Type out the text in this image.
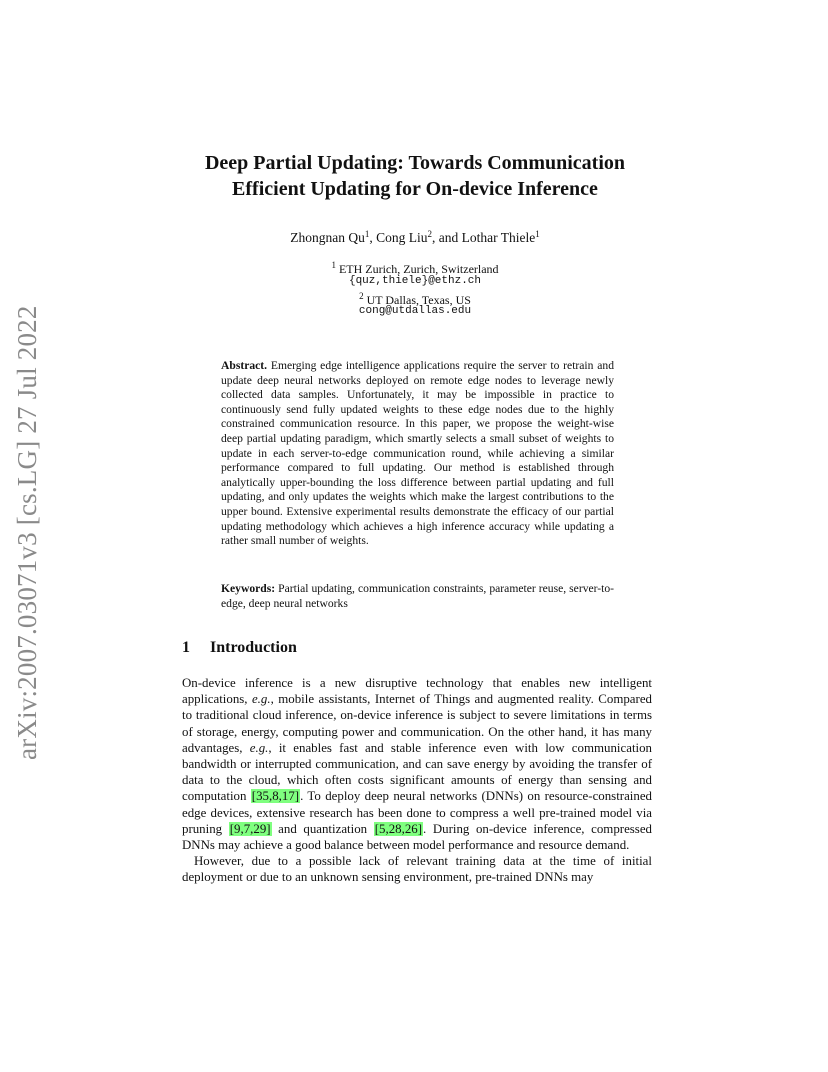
arXiv:2007.03071v3 [cs.LG] 27 Jul 2022
Deep Partial Updating: Towards Communication
Efficient Updating for On-device Inference
Zhongnan Qu$^1$, Cong Liu$^2$, and Lothar Thiele$^1$
$^1$ ETH Zurich, Zurich, Switzerland
{quz,thiele}@ethz.ch
$^2$ UT Dallas, Texas, US
cong@utdallas.edu
Abstract. Emerging edge intelligence applications require the server to retrain and update deep neural networks deployed on remote edge nodes to leverage newly collected data samples. Unfortunately, it may be impossible in practice to continuously send fully updated weights to these edge nodes due to the highly constrained communication resource. In this paper, we propose the weight-wise deep partial updating paradigm, which smartly selects a small subset of weights to update in each server-to-edge communication round, while achieving a similar performance compared to full updating. Our method is established through analytically upper-bounding the loss difference between partial updating and full updating, and only updates the weights which make the largest contributions to the upper bound. Extensive experimental results demonstrate the efficacy of our partial updating methodology which achieves a high inference accuracy while updating a rather small number of weights.
Keywords: Partial updating, communication constraints, parameter reuse, server-to-edge, deep neural networks
1 Introduction

On-device inference is a new disruptive technology that enables new intelligent applications, e.g., mobile assistants, Internet of Things and augmented reality. Compared to traditional cloud inference, on-device inference is subject to severe limitations in terms of storage, energy, computing power and communication. On the other hand, it has many advantages, e.g., it enables fast and stable inference even with low communication bandwidth or interrupted communication, and can save energy by avoiding the transfer of data to the cloud, which often costs significant amounts of energy than sensing and computation [35,8,17]. To deploy deep neural networks (DNNs) on resource-constrained edge devices, extensive research has been done to compress a well pre-trained model via pruning [9,7,29] and quantization [5,28,26]. During on-device inference, compressed DNNs may achieve a good balance between model performance and resource demand.

However, due to a possible lack of relevant training data at the time of initial deployment or due to an unknown sensing environment, pre-trained DNNs may
